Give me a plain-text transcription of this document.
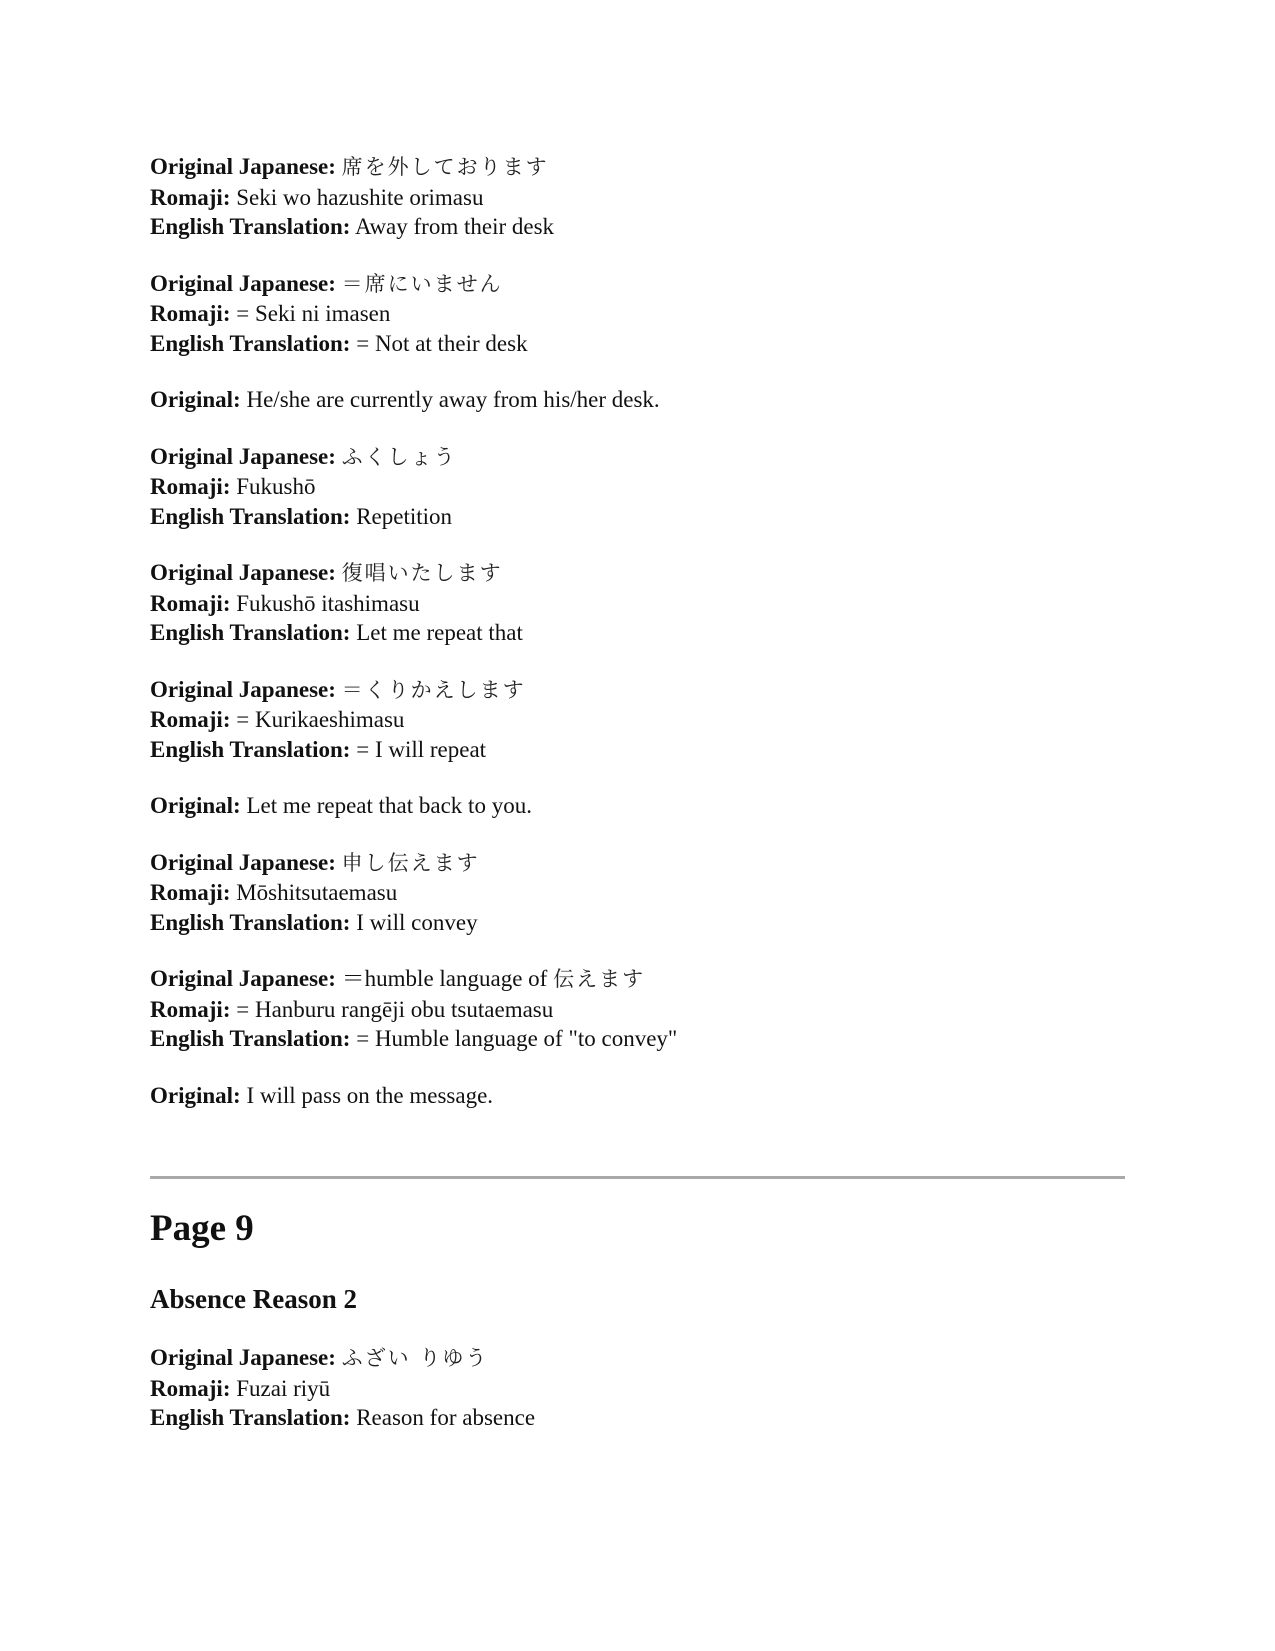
Original Japanese: 席を外しております
Romaji: Seki wo hazushite orimasu
English Translation: Away from their desk
Original Japanese: ＝席にいません
Romaji: = Seki ni imasen
English Translation: = Not at their desk
Original: He/she are currently away from his/her desk.
Original Japanese: ふくしょう
Romaji: Fukushō
English Translation: Repetition
Original Japanese: 復唱いたします
Romaji: Fukushō itashimasu
English Translation: Let me repeat that
Original Japanese: ＝くりかえします
Romaji: = Kurikaeshimasu
English Translation: = I will repeat
Original: Let me repeat that back to you.
Original Japanese: 申し伝えます
Romaji: Mōshitsutaemasu
English Translation: I will convey
Original Japanese: ＝humble language of 伝えます
Romaji: = Hanburu rangēji obu tsutaemasu
English Translation: = Humble language of "to convey"
Original: I will pass on the message.
Page 9
Absence Reason 2
Original Japanese: ふざい りゆう
Romaji: Fuzai riyū
English Translation: Reason for absence
